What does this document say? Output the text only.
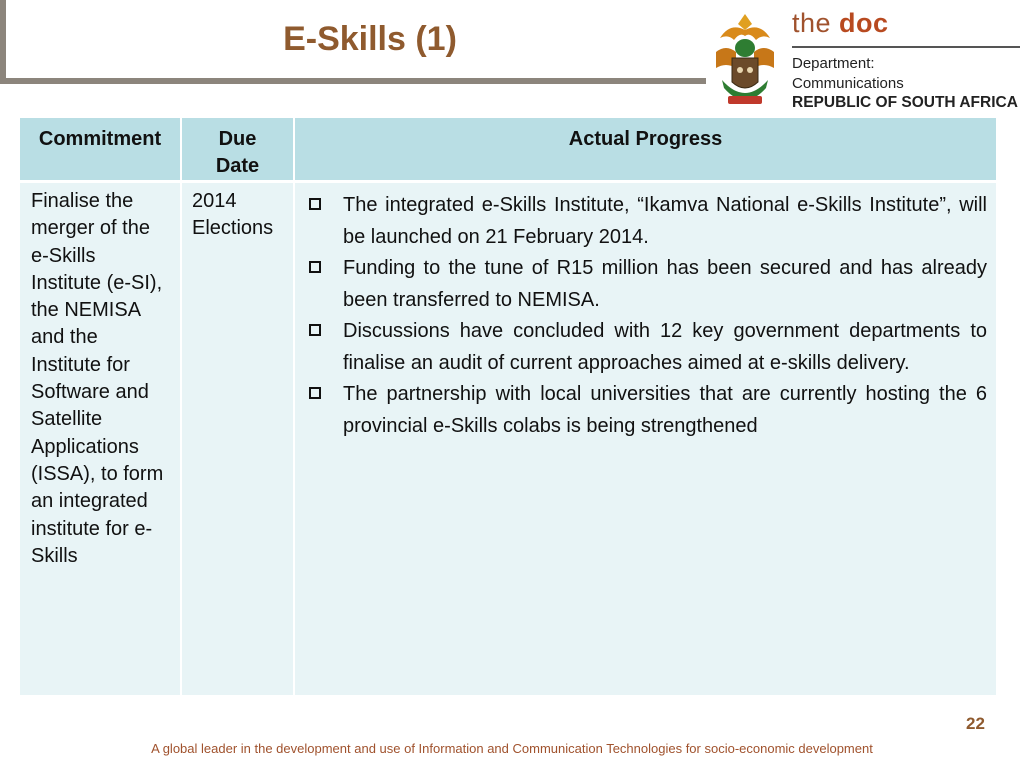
E-Skills (1)	the doc
Department:
Communications
REPUBLIC OF SOUTH AFRICA
Commitment	Due Date
Actual Progress
Finalise the merger of the e-Skills Institute (e-SI), the NEMISA and the Institute for Software and Satellite Applications (ISSA), to form an integrated institute for e-Skills
2014 Elections
The integrated e-Skills Institute, “Ikamva National e-Skills Institute”, will be launched on 21 February 2014.
Funding to the tune of R15 million has been secured and has already been transferred to NEMISA.
Discussions have concluded with 12 key government departments to finalise an audit of current approaches aimed at e-skills delivery.
The partnership with local universities that are currently hosting the 6 provincial e-Skills colabs is being strengthened
22
A global leader in the development and use of Information and Communication Technologies for socio-economic development
